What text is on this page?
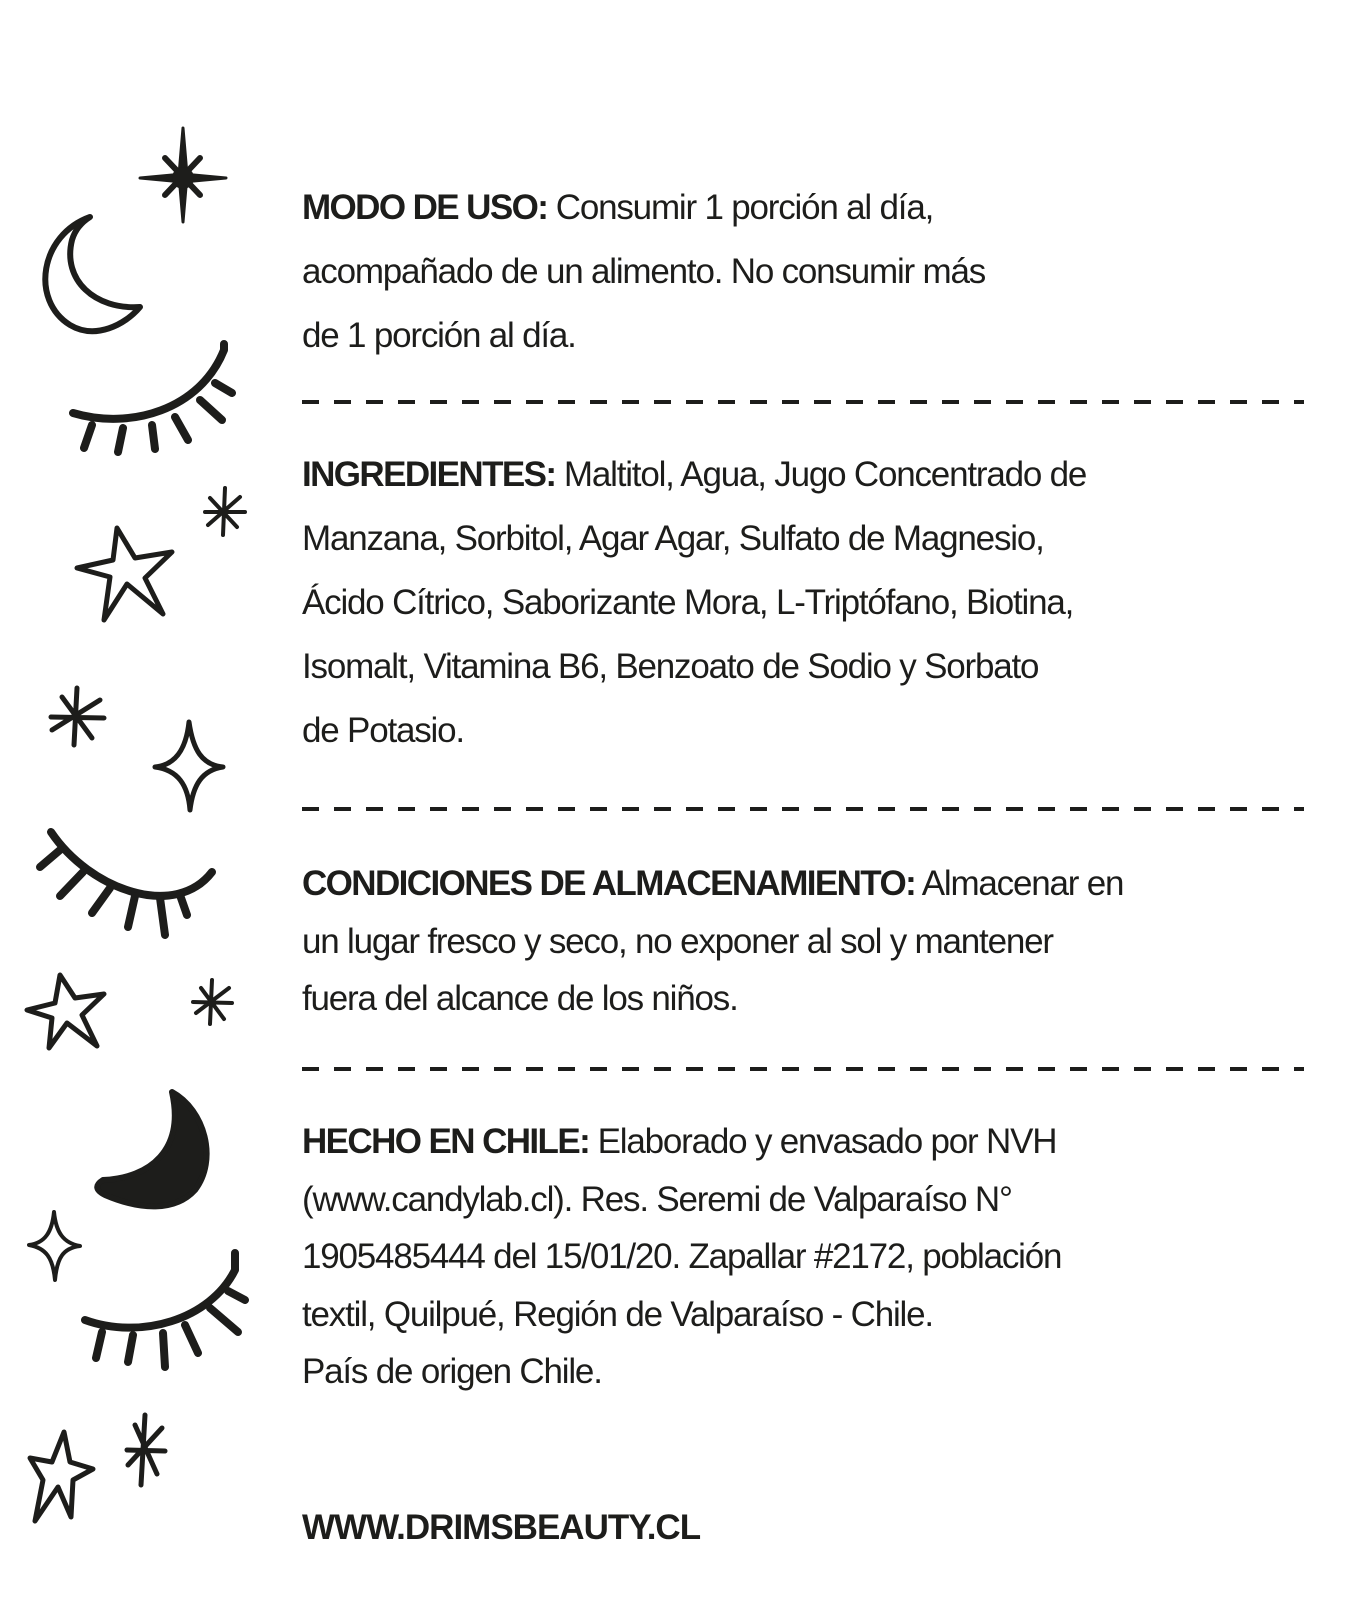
MODO DE USO: Consumir 1 porción al día,
acompañado de un alimento. No consumir más
de 1 porción al día.
INGREDIENTES: Maltitol, Agua, Jugo Concentrado de
Manzana, Sorbitol, Agar Agar, Sulfato de Magnesio,
Ácido Cítrico, Saborizante Mora, L-Triptófano, Biotina,
Isomalt, Vitamina B6, Benzoato de Sodio y Sorbato
de Potasio.
CONDICIONES DE ALMACENAMIENTO: Almacenar en
un lugar fresco y seco, no exponer al sol y mantener
fuera del alcance de los niños.
HECHO EN CHILE: Elaborado y envasado por NVH
(www.candylab.cl). Res. Seremi de Valparaíso N°
1905485444 del 15/01/20. Zapallar #2172, población
textil, Quilpué, Región de Valparaíso - Chile.
País de origen Chile.
WWW.DRIMSBEAUTY.CL
